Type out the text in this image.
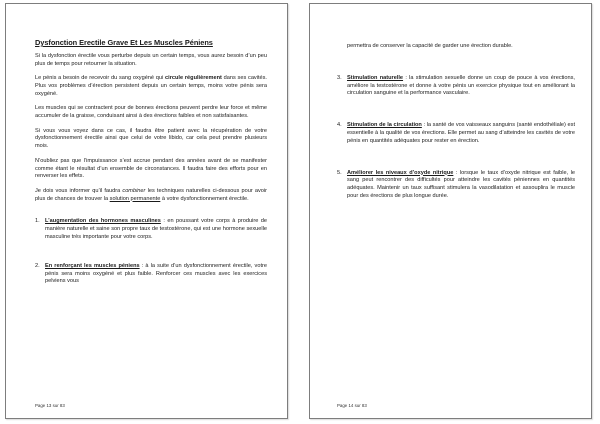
Dysfonction Erectile Grave Et Les Muscles Péniens

Si la dysfonction érectile vous perturbe depuis un certain temps, vous aurez besoin d’un peu plus de temps pour retourner la situation.

Le pénis a besoin de recevoir du sang oxygéné qui circule régulièrement dans ses cavités. Plus vos problèmes d’érection persistent depuis un certain temps, moins votre pénis sera oxygéné.

Les muscles qui se contractent pour de bonnes érections peuvent perdre leur force et même accumuler de la graisse, conduisant ainsi à des érections faibles et non satisfaisantes.

Si vous vous voyez dans ce cas, il faudra être patient avec la récupération de votre dysfonctionnement érectile ainsi que celui de votre libido, car cela peut prendre plusieurs mois.

N’oubliez pas que l’impuissance s’est accrue pendant des années avant de se manifester comme étant le résultat d’un ensemble de circonstances. Il faudra faire des efforts pour en renverser les effets.

Je dois vous informer qu’il faudra combiner les techniques naturelles ci-dessous pour avoir plus de chances de trouver la solution permanente à votre dysfonctionnement érectile.

1. L’augmentation des hormones masculines : en poussant votre corps à produire de manière naturelle et saine son propre taux de testostérone, qui est une hormone sexuelle masculine très importante pour votre corps.
2. En renforçant les muscles péniens : à la suite d’un dysfonctionnement érectile, votre pénis sera moins oxygéné et plus faible. Renforcer ces muscles avec les exercices pelviens vous
Page 13 sur 83
permettra de conserver la capacité de garder une érection durable.
3. Stimulation naturelle : la stimulation sexuelle donne un coup de pouce à vos érections, améliore la testostérone et donne à votre pénis un exercice physique tout en améliorant la circulation sanguine et la performance vasculaire.
4. Stimulation de la circulation : la santé de vos vaisseaux sanguins (santé endothéliale) est essentielle à la qualité de vos érections. Elle permet au sang d’atteindre les cavités de votre pénis en quantités adéquates pour rester en érection.
5. Améliorer les niveaux d’oxyde nitrique : lorsque le taux d’oxyde nitrique est faible, le sang peut rencontrer des difficultés pour atteindre les cavités péniennes en quantités adéquates. Maintenir un taux suffisant stimulera la vasodilatation et assouplira le muscle pour des érections de plus longue durée.
Page 14 sur 83
